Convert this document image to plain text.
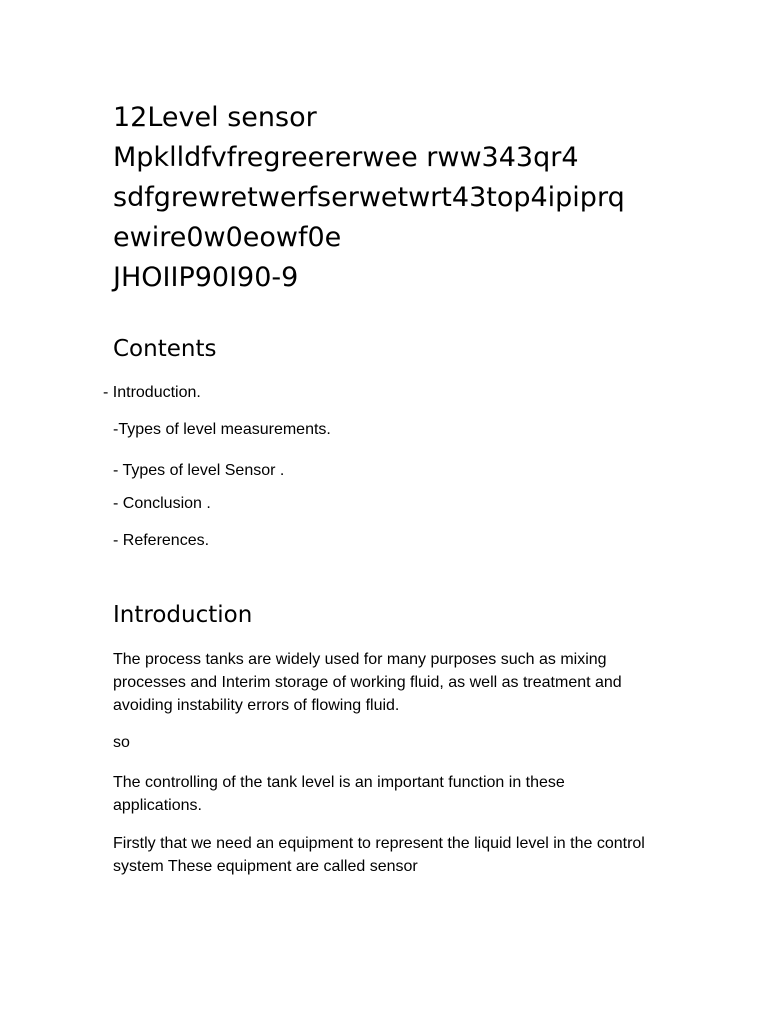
12Level sensor
Mpklldfvfregreererwee rww343qr4
sdfgrewretwerfserwetwrt43top4ipiprq
ewire0w0eowf0e
JHOIIP90I90-9
Contents
- Introduction.
-Types of level measurements.
- Types of level Sensor .
- Conclusion .
- References.
Introduction
The process tanks are widely used for many purposes such as mixing processes and Interim storage of working fluid, as well as treatment and avoiding instability errors of flowing fluid.
so
The controlling of the tank level is an important function in these applications.
Firstly that we need an equipment to represent the liquid level in the control system These equipment are called sensor
